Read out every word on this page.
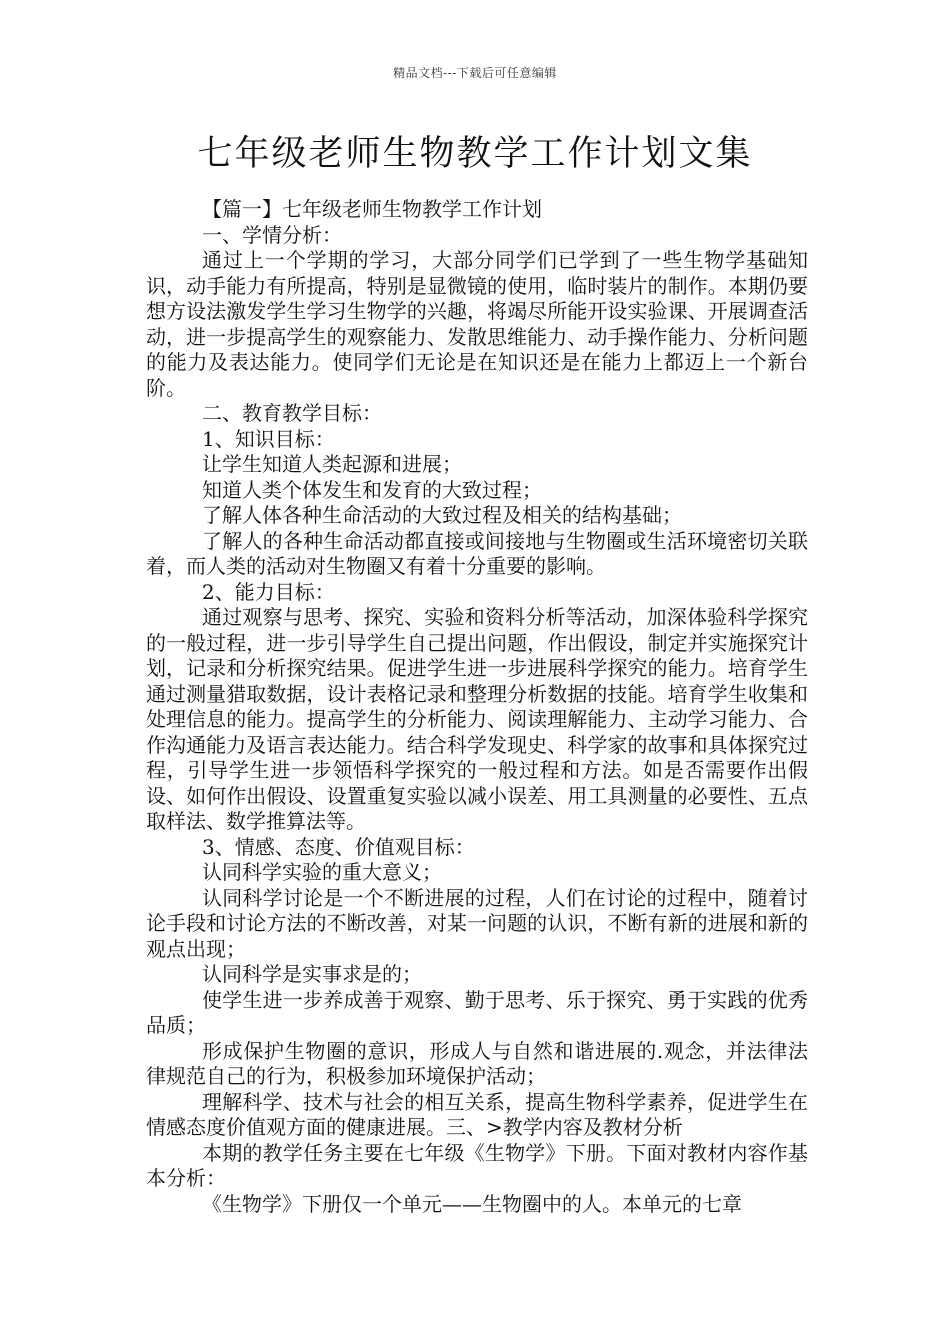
精品文档---下载后可任意编辑
七年级老师生物教学工作计划文集

【篇一】七年级老师生物教学工作计划

一、学情分析：

通过上一个学期的学习，大部分同学们已学到了一些生物学基础知识，动手能力有所提高，特别是显微镜的使用，临时装片的制作。本期仍要想方设法激发学生学习生物学的兴趣，将竭尽所能开设实验课、开展调查活动，进一步提高学生的观察能力、发散思维能力、动手操作能力、分析问题的能力及表达能力。使同学们无论是在知识还是在能力上都迈上一个新台阶。

二、教育教学目标：

1、知识目标：

让学生知道人类起源和进展；

知道人类个体发生和发育的大致过程；

了解人体各种生命活动的大致过程及相关的结构基础；

了解人的各种生命活动都直接或间接地与生物圈或生活环境密切关联着，而人类的活动对生物圈又有着十分重要的影响。

2、能力目标：

通过观察与思考、探究、实验和资料分析等活动，加深体验科学探究的一般过程，进一步引导学生自己提出问题，作出假设，制定并实施探究计划，记录和分析探究结果。促进学生进一步进展科学探究的能力。培育学生通过测量猎取数据，设计表格记录和整理分析数据的技能。培育学生收集和处理信息的能力。提高学生的分析能力、阅读理解能力、主动学习能力、合作沟通能力及语言表达能力。结合科学发现史、科学家的故事和具体探究过程，引导学生进一步领悟科学探究的一般过程和方法。如是否需要作出假设、如何作出假设、设置重复实验以减小误差、用工具测量的必要性、五点取样法、数学推算法等。

3、情感、态度、价值观目标：

认同科学实验的重大意义；

认同科学讨论是一个不断进展的过程，人们在讨论的过程中，随着讨论手段和讨论方法的不断改善，对某一问题的认识，不断有新的进展和新的观点出现；

认同科学是实事求是的；

使学生进一步养成善于观察、勤于思考、乐于探究、勇于实践的优秀品质；

形成保护生物圈的意识，形成人与自然和谐进展的.观念，并法律法律规范自己的行为，积极参加环境保护活动；

理解科学、技术与社会的相互关系，提高生物科学素养，促进学生在情感态度价值观方面的健康进展。三、>教学内容及教材分析

本期的教学任务主要在七年级《生物学》下册。下面对教材内容作基本分析：

《生物学》下册仅一个单元——生物圈中的人。本单元的七章
